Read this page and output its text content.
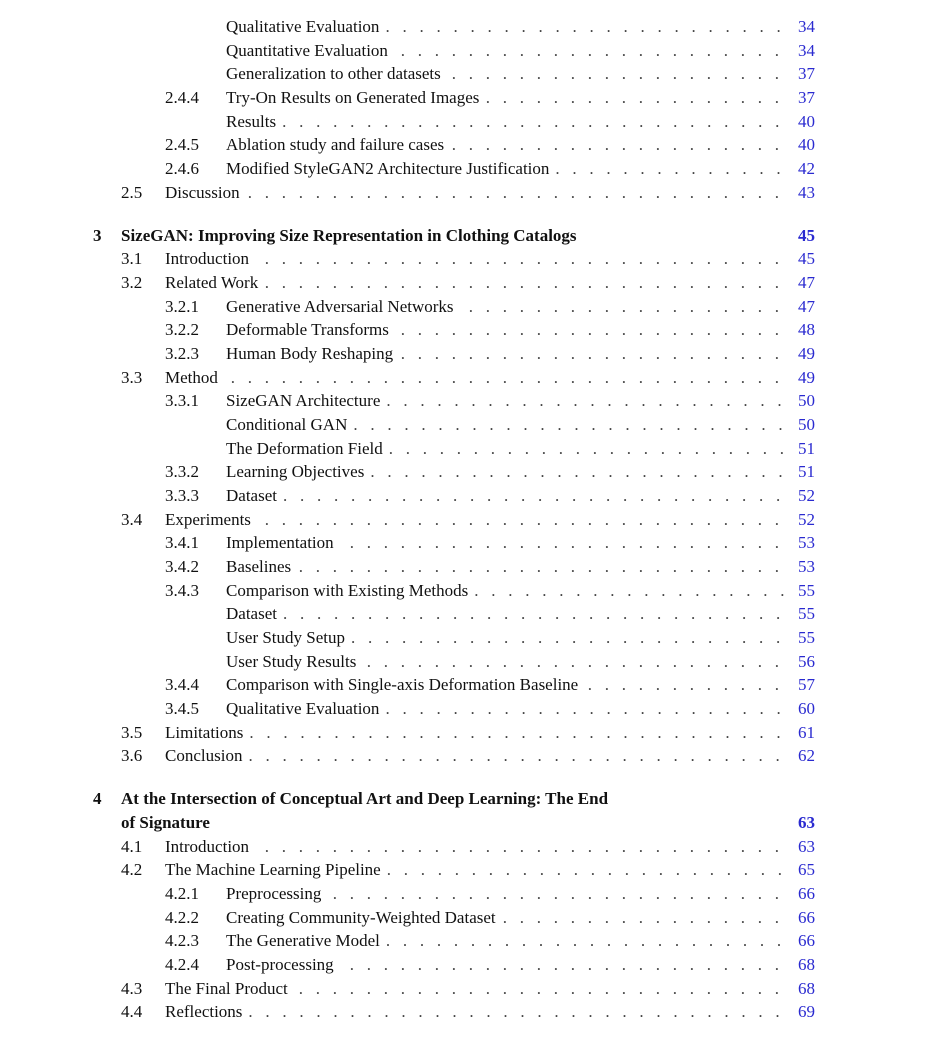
Qualitative Evaluation .   .   .   .   .   .   .   .   .   .   .   .   .   .   .   .   .   .   .   .   .   .   .   .	34
Quantitative Evaluation .   .   .   .   .   .   .   .   .   .   .   .   .   .   .   .   .   .   .   .   .   .   .	34
Generalization to other datasets .   .   .   .   .   .   .   .   .   .   .   .   .   .   .   .   .   .   .   .	37
2.4.4	Try-On Results on Generated Images .   .   .   .   .   .   .   .   .   .   .   .   .   .   .   .   .   .	37
Results .   .   .   .   .   .   .   .   .   .   .   .   .   .   .   .   .   .   .   .   .   .   .   .   .   .   .   .   .   .	40
2.4.5	Ablation study and failure cases .   .   .   .   .   .   .   .   .   .   .   .   .   .   .   .   .   .   .   .	40
2.4.6	Modified StyleGAN2 Architecture Justification .   .   .   .   .   .   .   .   .   .   .   .   .   .	42
2.5	Discussion .   .   .   .   .   .   .   .   .   .   .   .   .   .   .   .   .   .   .   .   .   .   .   .   .   .   .   .   .   .   .   .	43
3	SizeGAN: Improving Size Representation in Clothing Catalogs	45
3.1	Introduction .   .   .   .   .   .   .   .   .   .   .   .   .   .   .   .   .   .   .   .   .   .   .   .   .   .   .   .   .   .   .	45
3.2	Related Work .   .   .   .   .   .   .   .   .   .   .   .   .   .   .   .   .   .   .   .   .   .   .   .   .   .   .   .   .   .   .	47
3.2.1	Generative Adversarial Networks .   .   .   .   .   .   .   .   .   .   .   .   .   .   .   .   .   .   .	47
3.2.2	Deformable Transforms .   .   .   .   .   .   .   .   .   .   .   .   .   .   .   .   .   .   .   .   .   .   .	48
3.2.3	Human Body Reshaping .   .   .   .   .   .   .   .   .   .   .   .   .   .   .   .   .   .   .   .   .   .   .	49
3.3	Method .   .   .   .   .   .   .   .   .   .   .   .   .   .   .   .   .   .   .   .   .   .   .   .   .   .   .   .   .   .   .   .   .	49
3.3.1	SizeGAN Architecture .   .   .   .   .   .   .   .   .   .   .   .   .   .   .   .   .   .   .   .   .   .   .   . 50
Conditional GAN .   .   .   .   .   .   .   .   .   .   .   .   .   .   .   .   .   .   .   .   .   .   .   .   .   . 50
The Deformation Field .   .   .   .   .   .   .   .   .   .   .   .   .   .   .   .   .   .   .   .   .   .   .   . 51
3.3.2	Learning Objectives .   .   .   .   .   .   .   .   .   .   .   .   .   .   .   .   .   .   .   .   .   .   .   .   . 51
3.3.3	Dataset .   .   .   .   .   .   .   .   .   .   .   .   .   .   .   .   .   .   .   .   .   .   .   .   .   .   .   .   .   .	52
3.4	Experiments .   .   .   .   .   .   .   .   .   .   .   .   .   .   .   .   .   .   .   .   .   .   .   .   .   .   .   .   .   .   .	52
3.4.1	Implementation .   .   .   .   .   .   .   .   .   .   .   .   .   .   .   .   .   .   .   .   .   .   .   .   .   .	53
3.4.2	Baselines .   .   .   .   .   .   .   .   .   .   .   .   .   .   .   .   .   .   .   .   .   .   .   .   .   .   .   .   .	53
3.4.3	Comparison with Existing Methods .   .   .   .   .   .   .   .   .   .   .   .   .   .   .   .   .   .   . 55
Dataset .   .   .   .   .   .   .   .   .   .   .   .   .   .   .   .   .   .   .   .   .   .   .   .   .   .   .   .   .   .	55
User Study Setup .   .   .   .   .   .   .   .   .   .   .   .   .   .   .   .   .   .   .   .   .   .   .   .   .   .	55
User Study Results .   .   .   .   .   .   .   .   .   .   .   .   .   .   .   .   .   .   .   .   .   .   .   .   .	56
3.4.4	Comparison with Single-axis Deformation Baseline .   .   .   .   .   .   .   .   .   .   .   .	57
3.4.5	Qualitative Evaluation .   .   .   .   .   .   .   .   .   .   .   .   .   .   .   .   .   .   .   .   .   .   .   .	60
3.5	Limitations .   .   .   .   .   .   .   .   .   .   .   .   .   .   .   .   .   .   .   .   .   .   .   .   .   .   .   .   .   .   .   .	61
3.6	Conclusion .   .   .   .   .   .   .   .   .   .   .   .   .   .   .   .   .   .   .   .   .   .   .   .   .   .   .   .   .   .   .   .	62
4	At the Intersection of Conceptual Art and Deep Learning: The End
of Signature	63
4.1	Introduction .   .   .   .   .   .   .   .   .   .   .   .   .   .   .   .   .   .   .   .   .   .   .   .   .   .   .   .   .   .   .	63
4.2	The Machine Learning Pipeline .   .   .   .   .   .   .   .   .   .   .   .   .   .   .   .   .   .   .   .   .   .   .   . 65
4.2.1	Preprocessing .   .   .   .   .   .   .   .   .   .   .   .   .   .   .   .   .   .   .   .   .   .   .   .   .   .   .	66
4.2.2	Creating Community-Weighted Dataset .   .   .   .   .   .   .   .   .   .   .   .   .   .   .   .   .	66
4.2.3	The Generative Model .   .   .   .   .   .   .   .   .   .   .   .   .   .   .   .   .   .   .   .   .   .   .   . 66
4.2.4	Post-processing .   .   .   .   .   .   .   .   .   .   .   .   .   .   .   .   .   .   .   .   .   .   .   .   .   .	68
4.3	The Final Product .   .   .   .   .   .   .   .   .   .   .   .   .   .   .   .   .   .   .   .   .   .   .   .   .   .   .   .   .	68
4.4	Reflections .   .   .   .   .   .   .   .   .   .   .   .   .   .   .   .   .   .   .   .   .   .   .   .   .   .   .   .   .   .   .   .	69
